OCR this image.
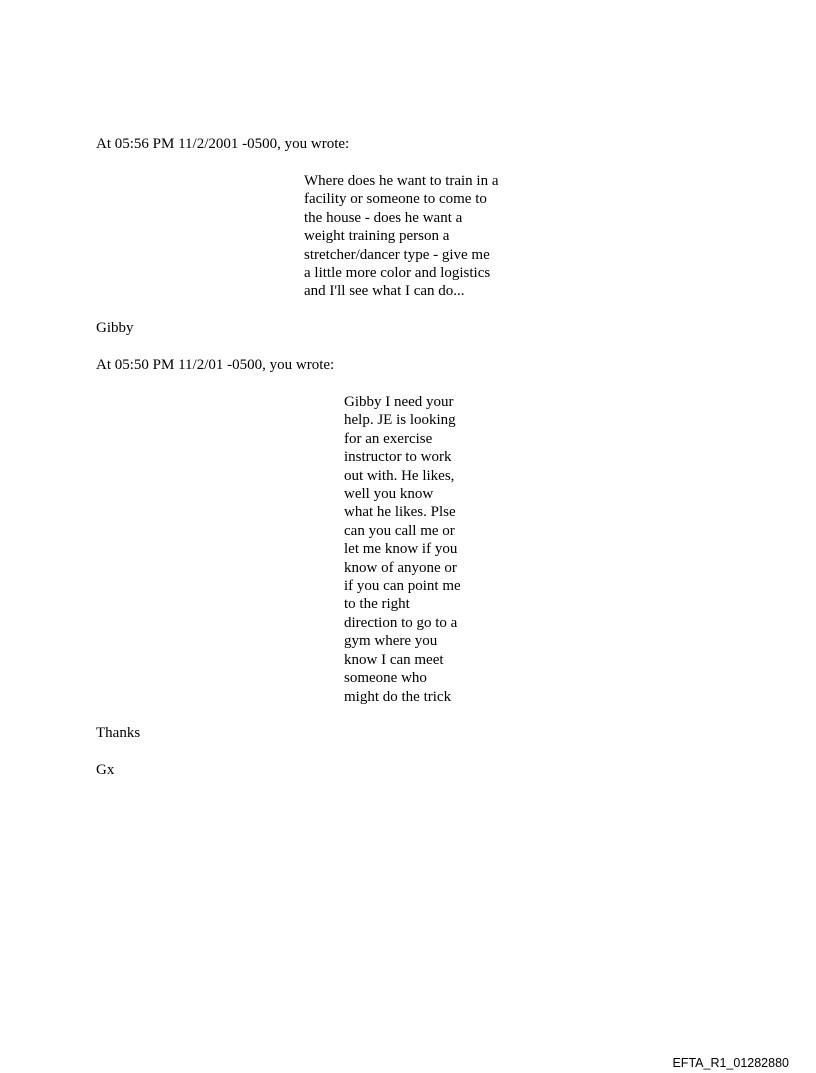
At 05:56 PM 11/2/2001 -0500, you wrote:

Where does he want to train in a
facility or someone to come to
the house - does he want a
weight training person a
stretcher/dancer type - give me
a little more color and logistics
and I'll see what I can do...

Gibby

At 05:50 PM 11/2/01 -0500, you wrote:

Gibby I need your
help. JE is looking
for an exercise
instructor to work
out with. He likes,
well you know
what he likes. Plse
can you call me or
let me know if you
know of anyone or
if you can point me
to the right
direction to go to a
gym where you
know I can meet
someone who
might do the trick

Thanks

Gx

EFTA_R1_01282880
